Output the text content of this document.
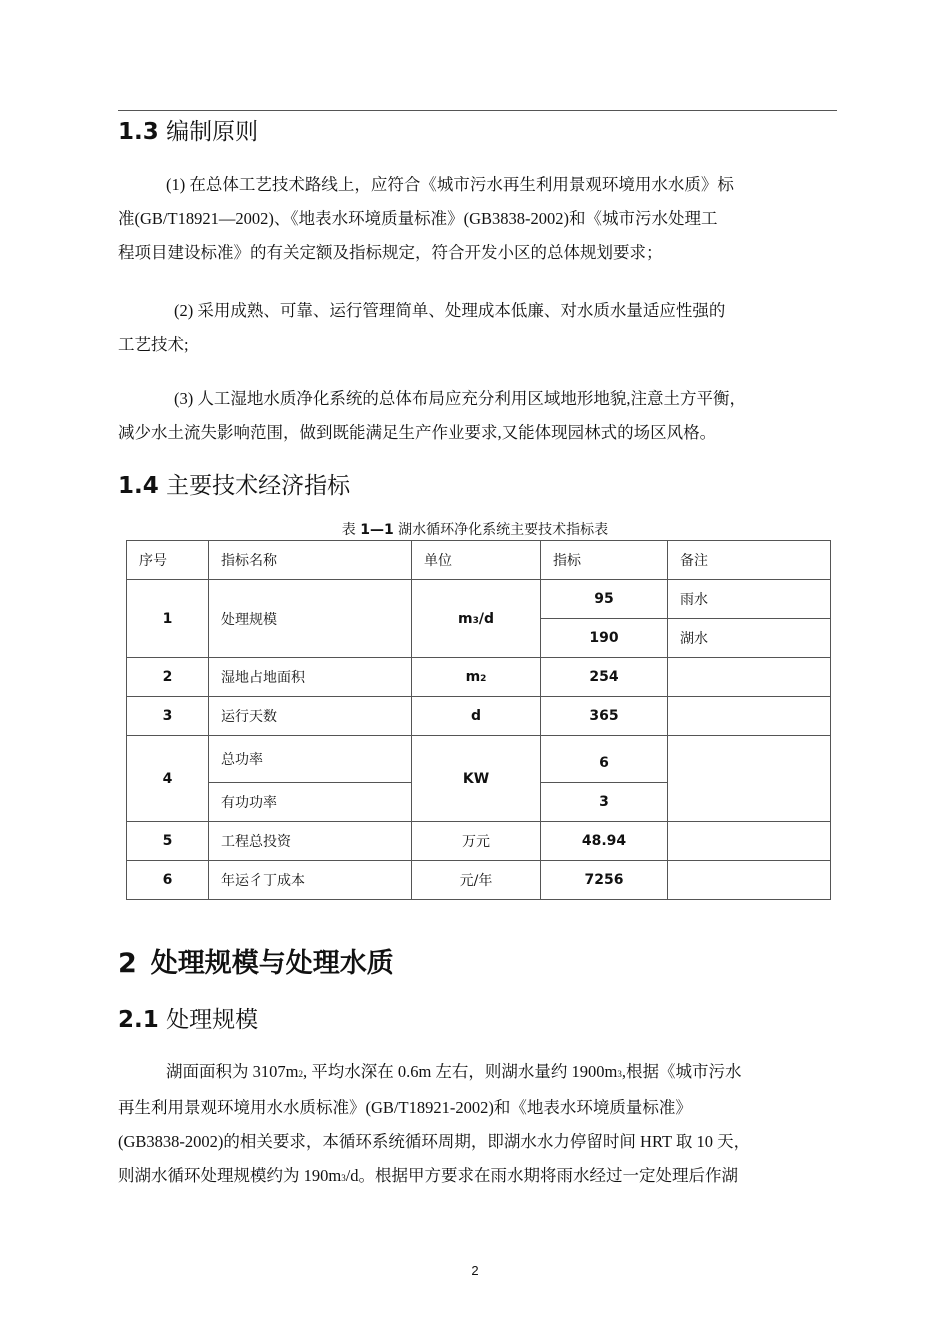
1.3 编制原则

(1) 在总体工艺技术路线上，应符合《城市污水再生利用景观环境用水水质》标
准(GB/T18921—2002)、《地表水环境质量标准》(GB3838-2002)和《城市污水处理工
程项目建设标准》的有关定额及指标规定，符合开发小区的总体规划要求；

(2) 采用成熟、可靠、运行管理简单、处理成本低廉、对水质水量适应性强的
工艺技术;

(3) 人工湿地水质净化系统的总体布局应充分利用区域地形地貌,注意土方平衡，
减少水土流失影响范围，做到既能满足生产作业要求,又能体现园林式的场区风格。

1.4 主要技术经济指标
表 1—1 湖水循环净化系统主要技术指标表
序号	指标名称	单位	指标	备注
1	处理规模	m3/d	95	雨水
			190	湖水
2	湿地占地面积	m2	254	
3	运行天数	d	365	
4	总功率	KW	6	
	有功功率		3	
5	工程总投资	万元	48.94	
6	年运彳丁成本	元/年	7256	
2 处理规模与处理水质
2.1 处理规模

湖面面积为 3107m2, 平均水深在 0.6m 左右，则湖水量约 1900m3,根据《城市污水
再生利用景观环境用水水质标准》(GB/T18921-2002)和《地表水环境质量标准》
(GB3838-2002)的相关要求，本循环系统循环周期，即湖水水力停留时间 HRT 取 10 天，
则湖水循环处理规模约为 190m3/d。根据甲方要求在雨水期将雨水经过一定处理后作湖

2
